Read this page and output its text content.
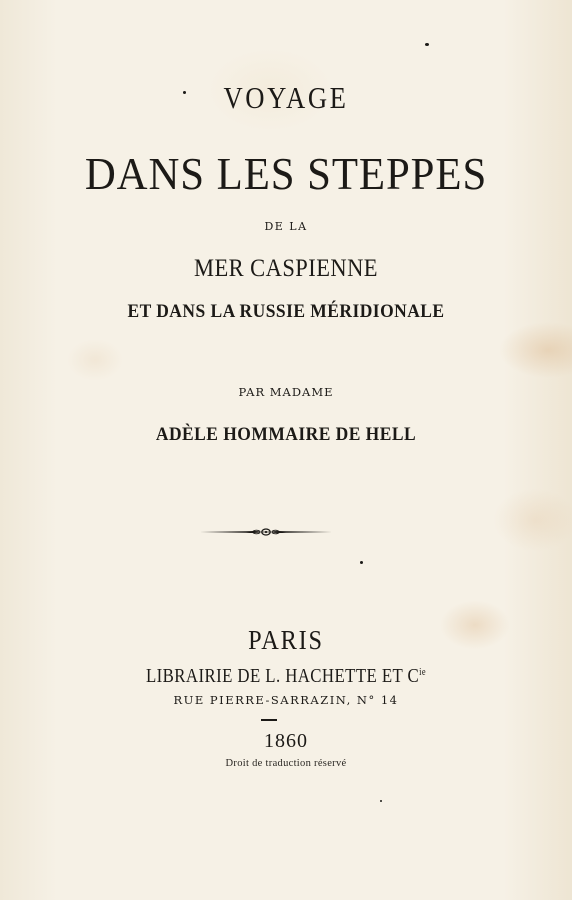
VOYAGE
DANS LES STEPPES
DE LA
MER CASPIENNE
ET DANS LA RUSSIE MÉRIDIONALE
PAR MADAME
ADÈLE HOMMAIRE DE HELL
PARIS
LIBRAIRIE DE L. HACHETTE ET $C^{ie}$
RUE PIERRE-SARRAZIN, N° 14
1860
Droit de traduction réservé
